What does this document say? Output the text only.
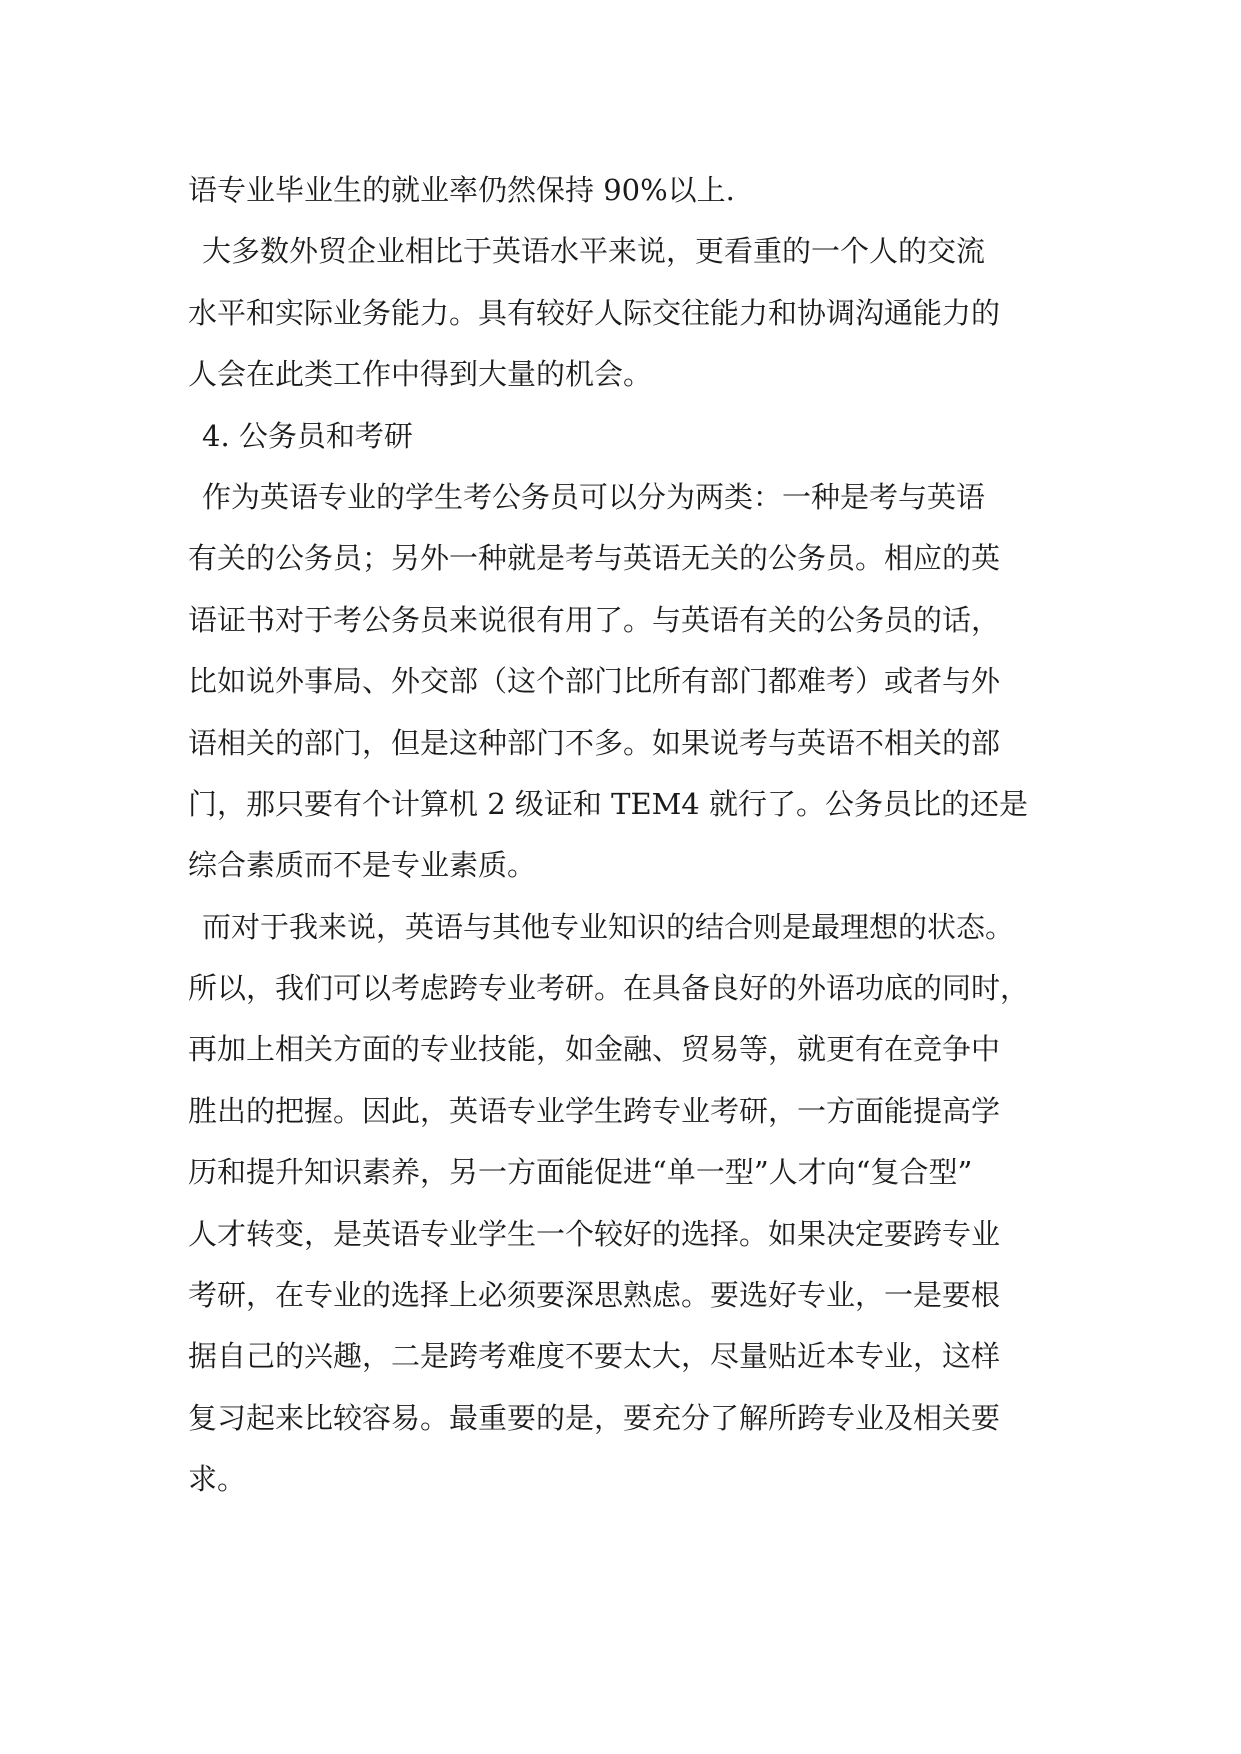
语专业毕业生的就业率仍然保持 90%以上.
大多数外贸企业相比于英语水平来说，更看重的一个人的交流
水平和实际业务能力。具有较好人际交往能力和协调沟通能力的
人会在此类工作中得到大量的机会。
4. 公务员和考研
作为英语专业的学生考公务员可以分为两类：一种是考与英语
有关的公务员；另外一种就是考与英语无关的公务员。相应的英
语证书对于考公务员来说很有用了。与英语有关的公务员的话，
比如说外事局、外交部（这个部门比所有部门都难考）或者与外
语相关的部门，但是这种部门不多。如果说考与英语不相关的部
门，那只要有个计算机 2 级证和 TEM4 就行了。公务员比的还是
综合素质而不是专业素质。
而对于我来说，英语与其他专业知识的结合则是最理想的状态。
所以，我们可以考虑跨专业考研。在具备良好的外语功底的同时，
再加上相关方面的专业技能，如金融、贸易等，就更有在竞争中
胜出的把握。因此，英语专业学生跨专业考研，一方面能提高学
历和提升知识素养，另一方面能促进“单一型”人才向“复合型”
人才转变，是英语专业学生一个较好的选择。如果决定要跨专业
考研，在专业的选择上必须要深思熟虑。要选好专业，一是要根
据自己的兴趣，二是跨考难度不要太大，尽量贴近本专业，这样
复习起来比较容易。最重要的是，要充分了解所跨专业及相关要
求。
